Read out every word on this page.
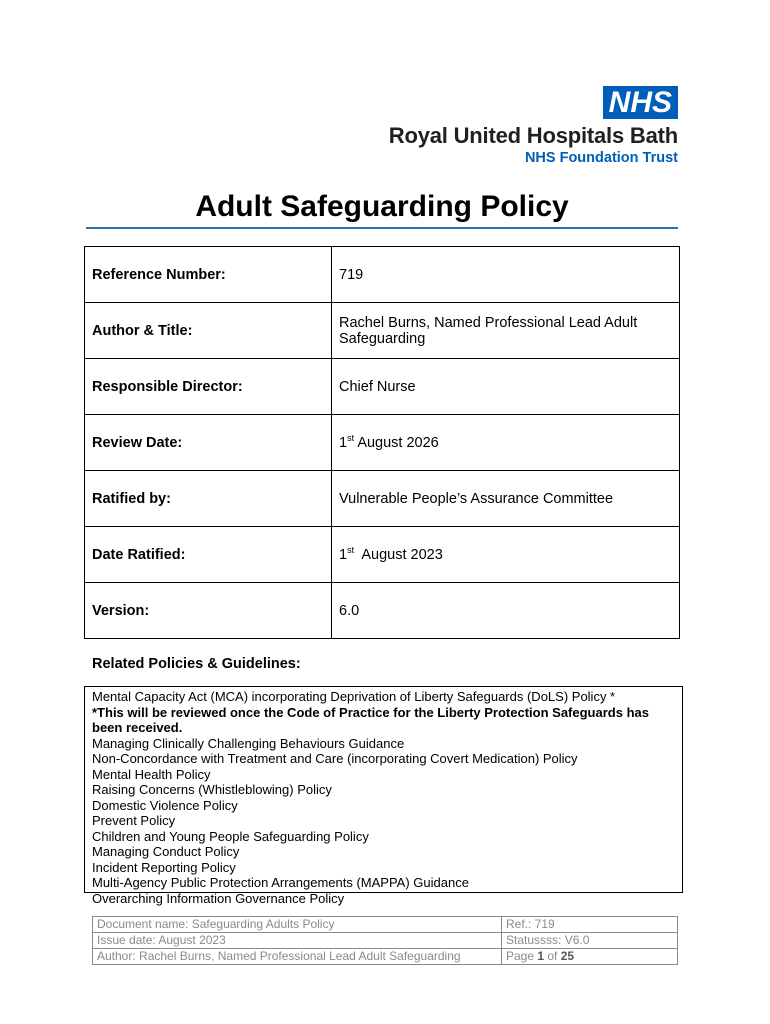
NHS
Royal United Hospitals Bath
NHS Foundation Trust
Adult Safeguarding Policy
Reference Number:	719
Author & Title:	Rachel Burns, Named Professional Lead Adult Safeguarding
Responsible Director:	Chief Nurse
Review Date:	1st August 2026
Ratified by:	Vulnerable People’s Assurance Committee
Date Ratified:	1st  August 2023
Version:	6.0
Related Policies & Guidelines:
Mental Capacity Act (MCA) incorporating Deprivation of Liberty Safeguards (DoLS) Policy *
*This will be reviewed once the Code of Practice for the Liberty Protection Safeguards has been received.
Managing Clinically Challenging Behaviours Guidance
Non-Concordance with Treatment and Care (incorporating Covert Medication) Policy
Mental Health Policy
Raising Concerns (Whistleblowing) Policy
Domestic Violence Policy
Prevent Policy
Children and Young People Safeguarding Policy
Managing Conduct Policy
Incident Reporting Policy
Multi-Agency Public Protection Arrangements (MAPPA) Guidance
Overarching Information Governance Policy
Document name: Safeguarding Adults Policy	Ref.: 719
Issue date: August 2023	Statussss: V6.0
Author: Rachel Burns, Named Professional Lead Adult Safeguarding	Page 1 of 25
